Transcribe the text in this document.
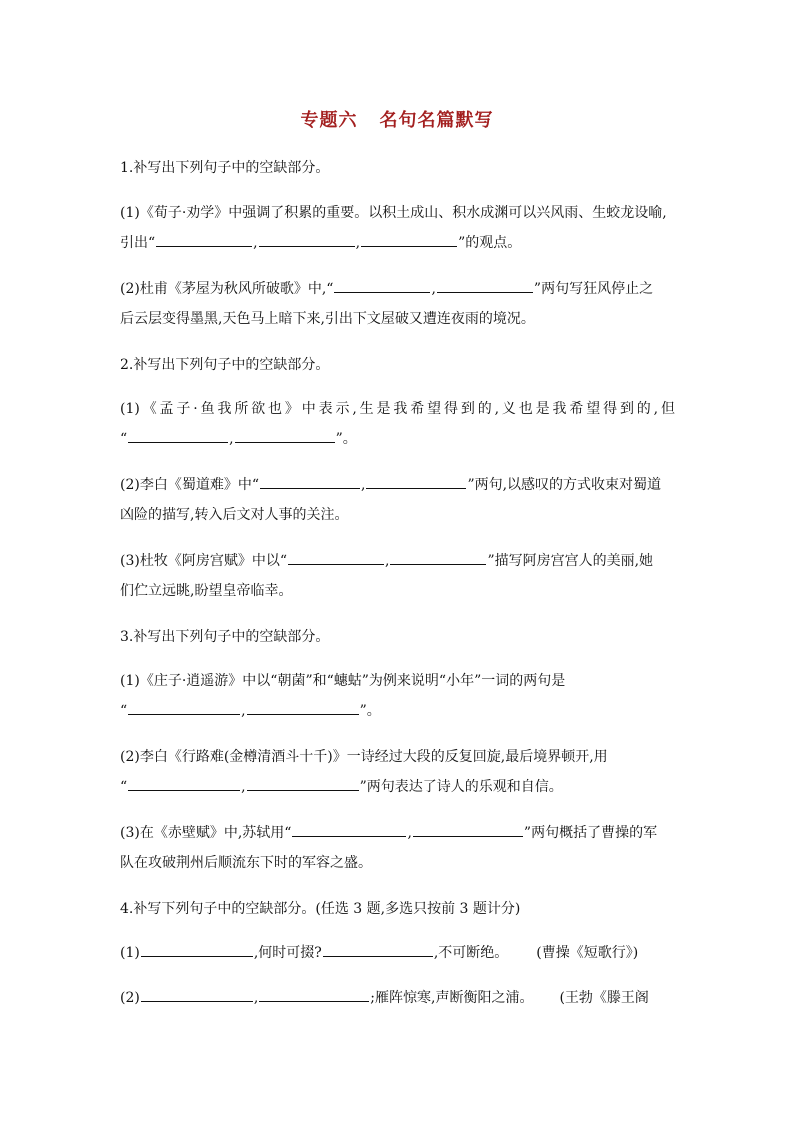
专题六 名句名篇默写
1.补写出下列句子中的空缺部分。
(1)《荀子·劝学》中强调了积累的重要。以积土成山、积水成渊可以兴风雨、生蛟龙设喻,
引出“	,	,	”的观点。
(2)杜甫《茅屋为秋风所破歌》中,“	,	”两句写狂风停止之
后云层变得墨黑,天色马上暗下来,引出下文屋破又遭连夜雨的境况。
2.补写出下列句子中的空缺部分。
(1)《孟子·鱼我所欲也》中表示,生是我希望得到的,义也是我希望得到的,但
“	,	”。
(2)李白《蜀道难》中“	,	”两句,以感叹的方式收束对蜀道
凶险的描写,转入后文对人事的关注。
(3)杜牧《阿房宫赋》中以“	,	”描写阿房宫宫人的美丽,她
们伫立远眺,盼望皇帝临幸。
3.补写出下列句子中的空缺部分。
(1)《庄子·逍遥游》中以“朝菌”和“蟪蛄”为例来说明“小年”一词的两句是
“	,	”。
(2)李白《行路难(金樽清酒斗十千)》一诗经过大段的反复回旋,最后境界顿开,用
“	,	”两句表达了诗人的乐观和自信。
(3)在《赤壁赋》中,苏轼用“	,	”两句概括了曹操的军
队在攻破荆州后顺流东下时的军容之盛。
4.补写下列句子中的空缺部分。(任选 3 题,多选只按前 3 题计分)
(1)	,何时可掇?	,不可断绝。 (曹操《短歌行》)
(2)	,	;雁阵惊寒,声断衡阳之浦。 (王勃《滕王阁
